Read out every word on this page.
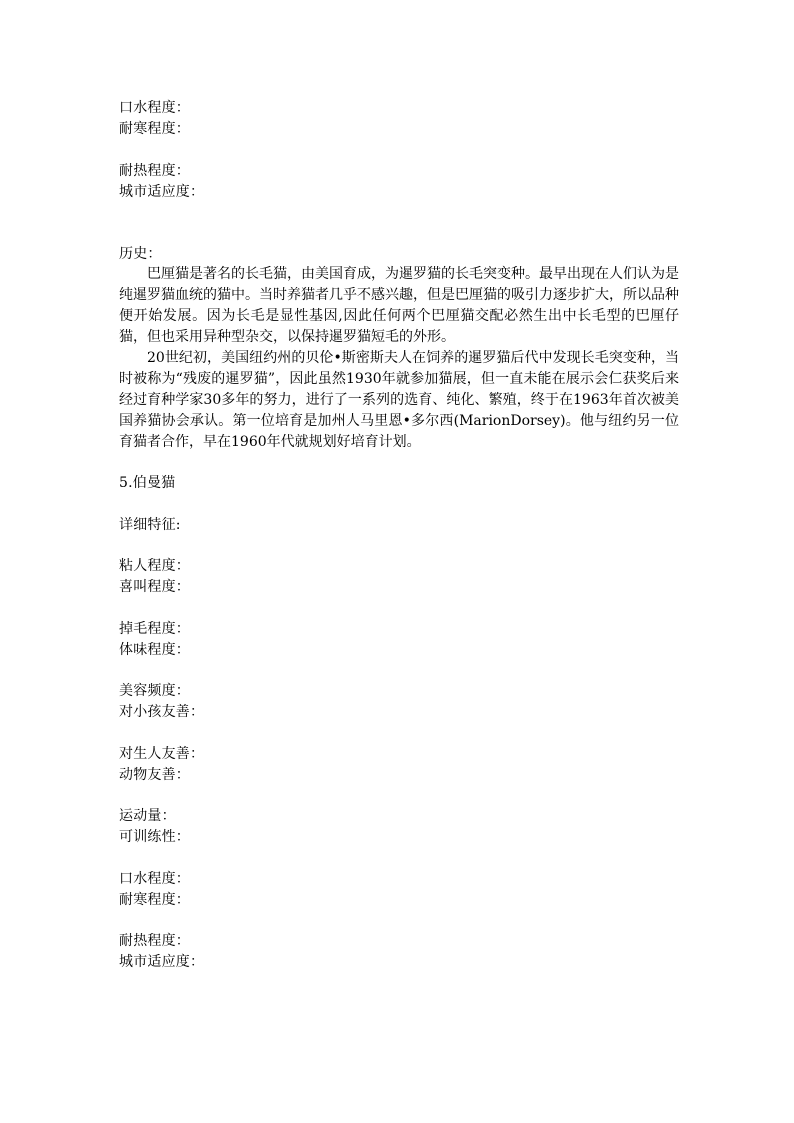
口水程度：
耐寒程度：
耐热程度：
城市适应度：
历史：

巴厘猫是著名的长毛猫，由美国育成，为暹罗猫的长毛突变种。最早出现在人们认为是纯暹罗猫血统的猫中。当时养猫者几乎不感兴趣，但是巴厘猫的吸引力逐步扩大，所以品种便开始发展。因为长毛是显性基因,因此任何两个巴厘猫交配必然生出中长毛型的巴厘仔猫，但也采用异种型杂交，以保持暹罗猫短毛的外形。

20世纪初，美国纽约州的贝伦•斯密斯夫人在饲养的暹罗猫后代中发现长毛突变种，当时被称为“残废的暹罗猫”，因此虽然1930年就参加猫展，但一直未能在展示会仁获奖后来经过育种学家30多年的努力，进行了一系列的选育、纯化、繁殖，终于在1963年首次被美国养猫协会承认。第一位培育是加州人马里恩•多尔西(MarionDorsey)。他与纽约另一位育猫者合作，早在1960年代就规划好培育计划。

5.伯曼猫
详细特征:
粘人程度：
喜叫程度：
掉毛程度：
体味程度：
美容频度：
对小孩友善：
对生人友善：
动物友善：
运动量：
可训练性：
口水程度：
耐寒程度：
耐热程度：
城市适应度：
